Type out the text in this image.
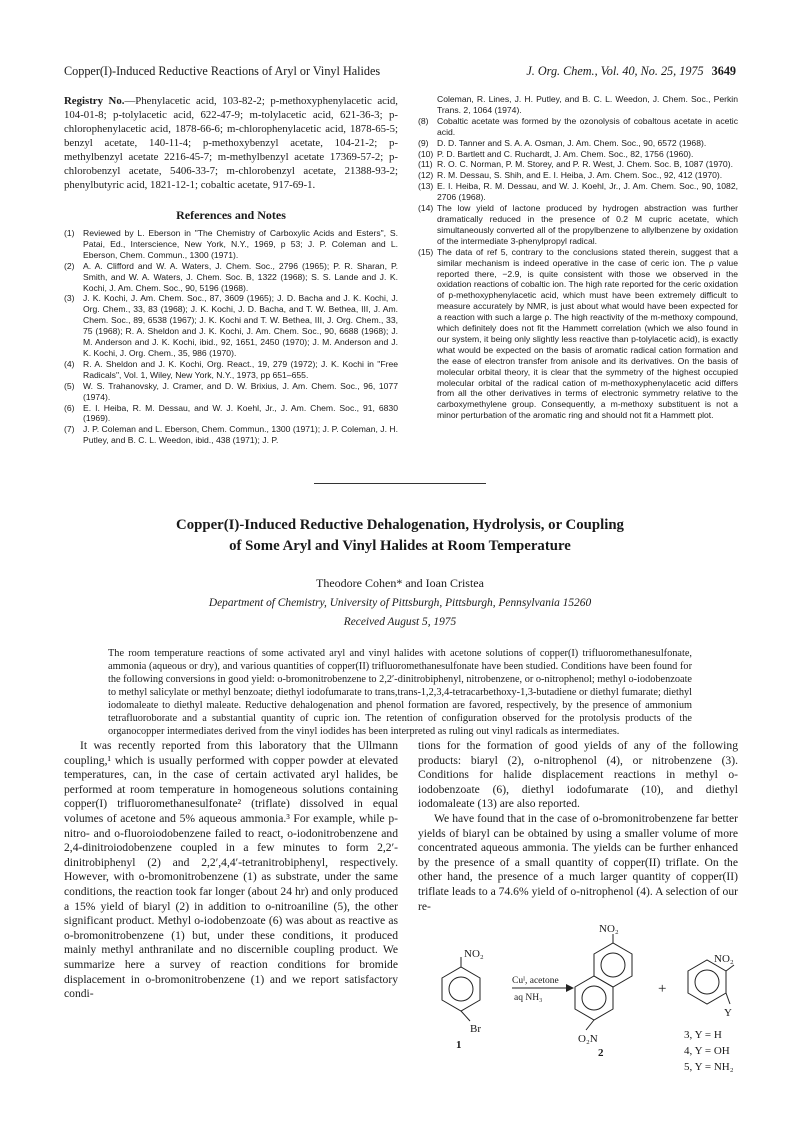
Copper(I)-Induced Reductive Reactions of Aryl or Vinyl Halides	J. Org. Chem., Vol. 40, No. 25, 1975 3649
Registry No.—Phenylacetic acid, 103-82-2; p-methoxyphenylacetic acid, 104-01-8; p-tolylacetic acid, 622-47-9; m-tolylacetic acid, 621-36-3; p-chlorophenylacetic acid, 1878-66-6; m-chlorophenylacetic acid, 1878-65-5; benzyl acetate, 140-11-4; p-methoxybenzyl acetate, 104-21-2; p-methylbenzyl acetate 2216-45-7; m-methylbenzyl acetate 17369-57-2; p-chlorobenzyl acetate, 5406-33-7; m-chlorobenzyl acetate, 21388-93-2; phenylbutyric acid, 1821-12-1; cobaltic acetate, 917-69-1.
References and Notes

(1) Reviewed by L. Eberson in "The Chemistry of Carboxylic Acids and Esters", S. Patai, Ed., Interscience, New York, N.Y., 1969, p 53; J. P. Coleman and L. Eberson, Chem. Commun., 1300 (1971).

(2) A. A. Clifford and W. A. Waters, J. Chem. Soc., 2796 (1965); P. R. Sharan, P. Smith, and W. A. Waters, J. Chem. Soc. B, 1322 (1968); S. S. Lande and J. K. Kochi, J. Am. Chem. Soc., 90, 5196 (1968).

(3) J. K. Kochi, J. Am. Chem. Soc., 87, 3609 (1965); J. D. Bacha and J. K. Kochi, J. Org. Chem., 33, 83 (1968); J. K. Kochi, J. D. Bacha, and T. W. Bethea, III, J. Am. Chem. Soc., 89, 6538 (1967); J. K. Kochi and T. W. Bethea, III, J. Org. Chem., 33, 75 (1968); R. A. Sheldon and J. K. Kochi, J. Am. Chem. Soc., 90, 6688 (1968); J. M. Anderson and J. K. Kochi, ibid., 92, 1651, 2450 (1970); J. M. Anderson and J. K. Kochi, J. Org. Chem., 35, 986 (1970).

(4) R. A. Sheldon and J. K. Kochi, Org. React., 19, 279 (1972); J. K. Kochi in "Free Radicals", Vol. 1, Wiley, New York, N.Y., 1973, pp 651–655.

(5) W. S. Trahanovsky, J. Cramer, and D. W. Brixius, J. Am. Chem. Soc., 96, 1077 (1974).

(6) E. I. Heiba, R. M. Dessau, and W. J. Koehl, Jr., J. Am. Chem. Soc., 91, 6830 (1969).

(7) J. P. Coleman and L. Eberson, Chem. Commun., 1300 (1971); J. P. Coleman, J. H. Putley, and B. C. L. Weedon, ibid., 438 (1971); J. P.

Coleman, R. Lines, J. H. Putley, and B. C. L. Weedon, J. Chem. Soc., Perkin Trans. 2, 1064 (1974).

(8) Cobaltic acetate was formed by the ozonolysis of cobaltous acetate in acetic acid.

(9) D. D. Tanner and S. A. A. Osman, J. Am. Chem. Soc., 90, 6572 (1968).

(10) P. D. Bartlett and C. Ruchardt, J. Am. Chem. Soc., 82, 1756 (1960).

(11) R. O. C. Norman, P. M. Storey, and P. R. West, J. Chem. Soc. B, 1087 (1970).

(12) R. M. Dessau, S. Shih, and E. I. Heiba, J. Am. Chem. Soc., 92, 412 (1970).

(13) E. I. Heiba, R. M. Dessau, and W. J. Koehl, Jr., J. Am. Chem. Soc., 90, 1082, 2706 (1968).

(14) The low yield of lactone produced by hydrogen abstraction was further dramatically reduced in the presence of 0.2 M cupric acetate, which simultaneously converted all of the propylbenzene to allylbenzene by oxidation of the intermediate 3-phenylpropyl radical.

(15) The data of ref 5, contrary to the conclusions stated therein, suggest that a similar mechanism is indeed operative in the case of ceric ion. The ρ value reported there, −2.9, is quite consistent with those we observed in the oxidation reactions of cobaltic ion. The high rate reported for the ceric oxidation of p-methoxyphenylacetic acid, which must have been extremely difficult to measure accurately by NMR, is just about what would have been expected for a reaction with such a large ρ. The high reactivity of the m-methoxy compound, which definitely does not fit the Hammett correlation (which we also found in our system, it being only slightly less reactive than p-tolylacetic acid), is exactly what would be expected on the basis of aromatic radical cation formation and the ease of electron transfer from anisole and its derivatives. On the basis of molecular orbital theory, it is clear that the symmetry of the highest occupied molecular orbital of the radical cation of m-methoxyphenylacetic acid differs from all the other derivatives in terms of electronic symmetry relative to the carboxymethylene group. Consequently, a m-methoxy substituent is not a minor perturbation of the aromatic ring and should not fit a Hammett plot.

Copper(I)-Induced Reductive Dehalogenation, Hydrolysis, or Coupling
of Some Aryl and Vinyl Halides at Room Temperature
Theodore Cohen* and Ioan Cristea
Department of Chemistry, University of Pittsburgh, Pittsburgh, Pennsylvania 15260
Received August 5, 1975
The room temperature reactions of some activated aryl and vinyl halides with acetone solutions of copper(I) trifluoromethanesulfonate, ammonia (aqueous or dry), and various quantities of copper(II) trifluoromethanesulfonate have been studied. Conditions have been found for the following conversions in good yield: o-bromonitrobenzene to 2,2′-dinitrobiphenyl, nitrobenzene, or o-nitrophenol; methyl o-iodobenzoate to methyl salicylate or methyl benzoate; diethyl iodofumarate to trans,trans-1,2,3,4-tetracarbethoxy-1,3-butadiene or diethyl fumarate; diethyl iodomaleate to diethyl maleate. Reductive dehalogenation and phenol formation are favored, respectively, by the presence of ammonium tetrafluoroborate and a substantial quantity of cupric ion. The retention of configuration observed for the protolysis products of the organocopper intermediates derived from the vinyl iodides has been interpreted as ruling out vinyl radicals as intermediates.

It was recently reported from this laboratory that the Ullmann coupling,¹ which is usually performed with copper powder at elevated temperatures, can, in the case of certain activated aryl halides, be performed at room temperature in homogeneous solutions containing copper(I) trifluoromethanesulfonate² (triflate) dissolved in equal volumes of acetone and 5% aqueous ammonia.³ For example, while p-nitro- and o-fluoroiodobenzene failed to react, o-iodonitrobenzene and 2,4-dinitroiodobenzene coupled in a few minutes to form 2,2′-dinitrobiphenyl (2) and 2,2′,4,4′-tetranitrobiphenyl, respectively. However, with o-bromonitrobenzene (1) as substrate, under the same conditions, the reaction took far longer (about 24 hr) and only produced a 15% yield of biaryl (2) in addition to o-nitroaniline (5), the other significant product. Methyl o-iodobenzoate (6) was about as reactive as o-bromonitrobenzene (1) but, under these conditions, it produced mainly methyl anthranilate and no discernible coupling product. We summarize here a survey of reaction conditions for bromide displacement in o-bromonitrobenzene (1) and we report satisfactory condi-

tions for the formation of good yields of any of the following products: biaryl (2), o-nitrophenol (4), or nitrobenzene (3). Conditions for halide displacement reactions in methyl o-iodobenzoate (6), diethyl iodofumarate (10), and diethyl iodomaleate (13) are also reported.

We have found that in the case of o-bromonitrobenzene far better yields of biaryl can be obtained by using a smaller volume of more concentrated aqueous ammonia. The yields can be further enhanced by the presence of a small quantity of copper(II) triflate. On the other hand, the presence of a much larger quantity of copper(II) triflate leads to a 74.6% yield of o-nitrophenol (4). A selection of our re-

NO₂
Br
NO₂
O₂N
NO₂
Y
Cuᴵ, acetone
aq NH₃
+
1
2
3, Y = H
4, Y = OH
5, Y = NH₂
